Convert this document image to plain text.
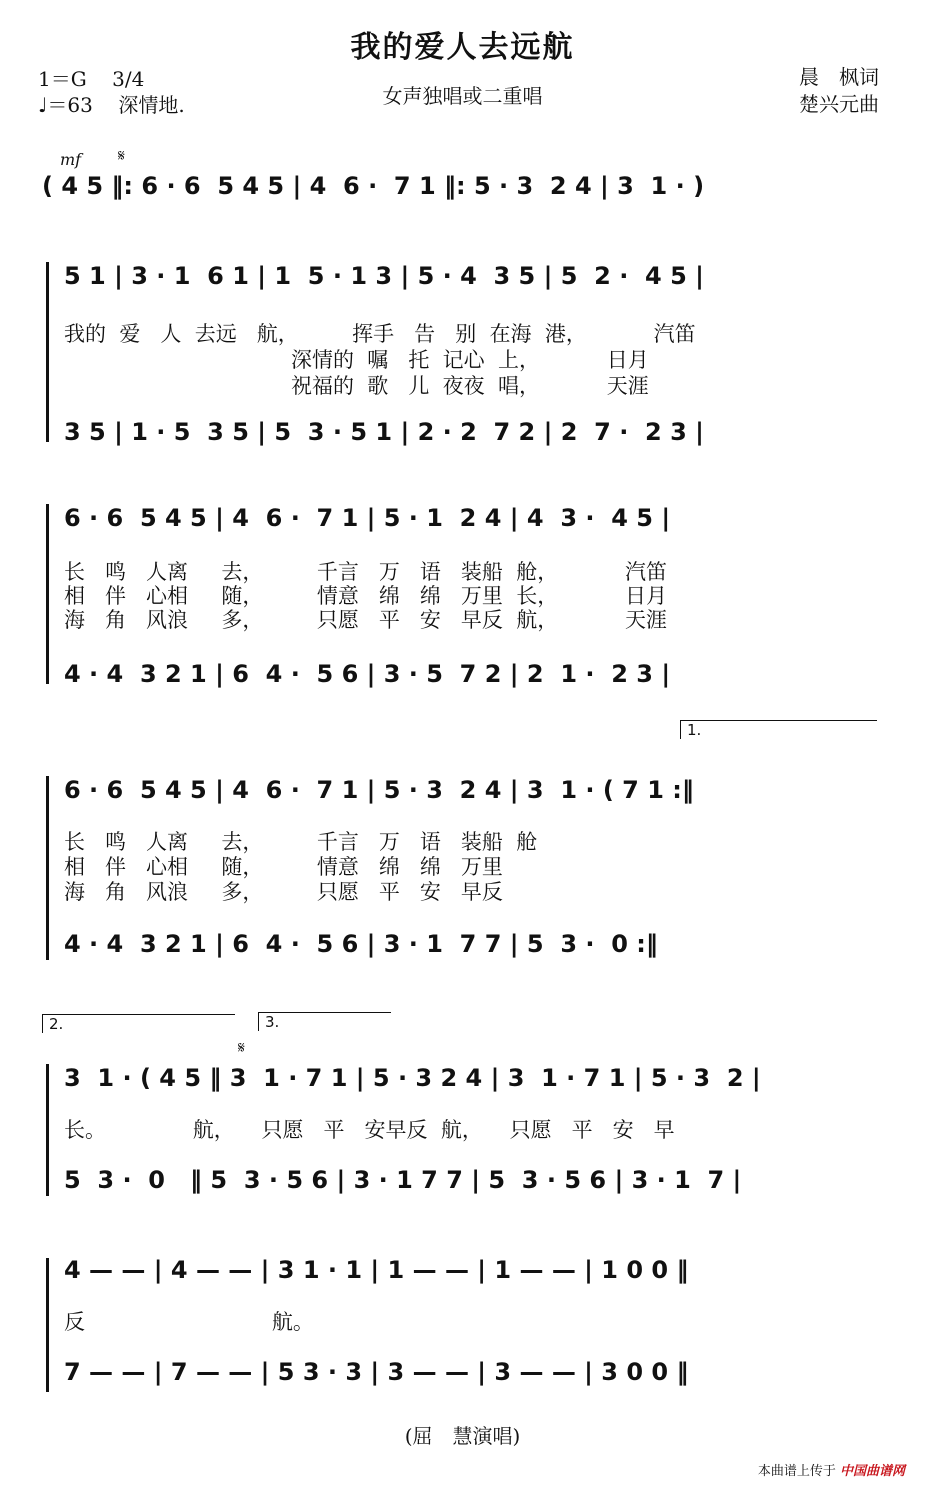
我的爱人去远航
1＝G 3/4
♩＝63 深情地.	女声独唱或二重唱
晨　枫词
楚兴元曲
mf 𝄋
( 4 5 ‖: 6 · 6  5 4 5 | 4  6 ·  7 1 ‖: 5 · 3  2 4 | 3  1 · )
5 1 | 3 · 1  6 1 | 1  5 · 1 3 | 5 · 4  3 5 | 5  2 ·  4 5 |
我的  爱   人  去远   航，        挥手   告   别  在海  港，          汽笛
深情的  嘱   托  记心  上，          日月
祝福的  歌   儿  夜夜  唱，          天涯
3 5 | 1 · 5  3 5 | 5  3 · 5 1 | 2 · 2  7 2 | 2  7 ·  2 3 |
6 · 6  5 4 5 | 4  6 ·  7 1 | 5 · 1  2 4 | 4  3 ·  4 5 |
长   鸣   人离     去，        千言   万   语   装船  舱，          汽笛
相   伴   心相     随，        情意   绵   绵   万里  长，          日月
海   角   风浪     多，        只愿   平   安   早反  航，          天涯
4 · 4  3 2 1 | 6  4 ·  5 6 | 3 · 5  7 2 | 2  1 ·  2 3 |
1.
6 · 6  5 4 5 | 4  6 ·  7 1 | 5 · 3  2 4 | 3  1 · ( 7 1 :‖
长   鸣   人离     去，        千言   万   语   装船  舱
相   伴   心相     随，        情意   绵   绵   万里
海   角   风浪     多，        只愿   平   安   早反
4 · 4  3 2 1 | 6  4 ·  5 6 | 3 · 1  7 7 | 5  3 ·  0 :‖
2.	3.
𝄋
3  1 · ( 4 5 ‖ 3  1 · 7 1 | 5 · 3 2 4 | 3  1 · 7 1 | 5 · 3  2 |
长。             航，    只愿   平   安早反  航，    只愿   平   安   早
5  3 ·  0   ‖ 5  3 · 5 6 | 3 · 1 7 7 | 5  3 · 5 6 | 3 · 1  7 |
4 — — | 4 — — | 3 1 · 1 | 1 — — | 1 — — | 1 0 0 ‖
反                            航。
7 — — | 7 — — | 5 3 · 3 | 3 — — | 3 — — | 3 0 0 ‖
(屈　慧演唱)
本曲谱上传于 中国曲谱网
